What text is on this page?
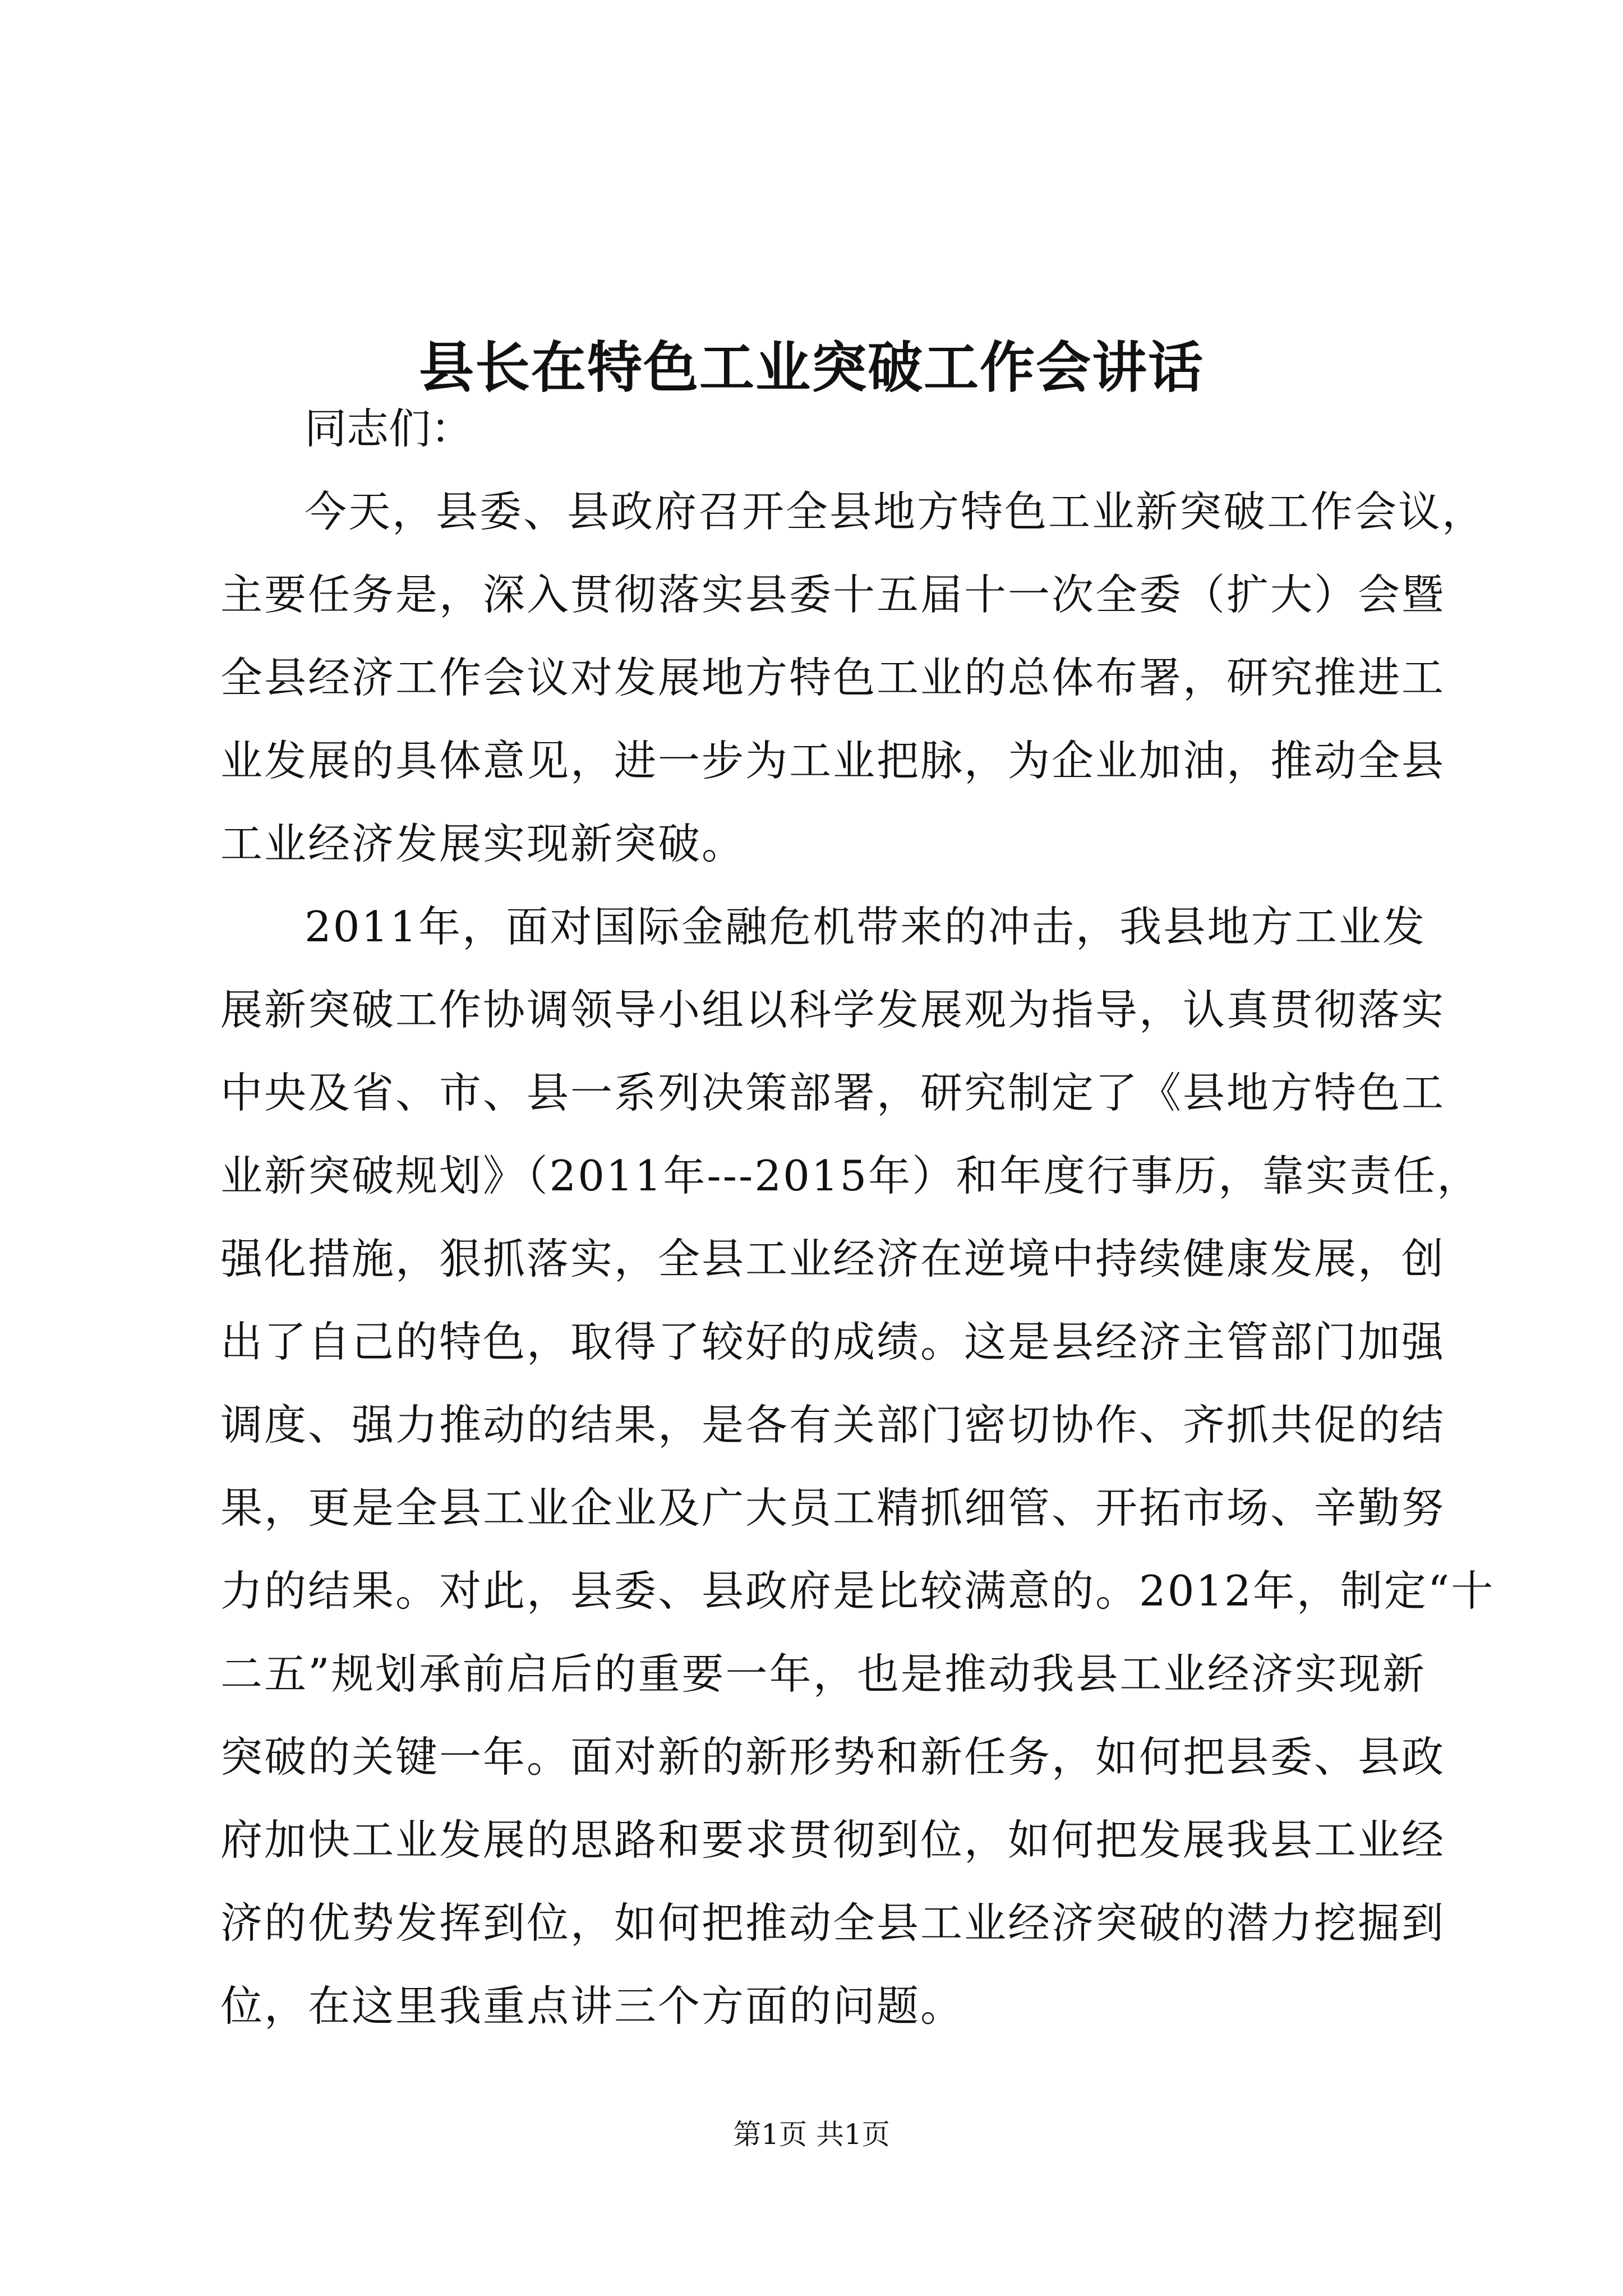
县长在特色工业突破工作会讲话

同志们：

今天，县委、县政府召开全县地方特色工业新突破工作会议，
主要任务是，深入贯彻落实县委十五届十一次全委（扩大）会暨
全县经济工作会议对发展地方特色工业的总体布署，研究推进工
业发展的具体意见，进一步为工业把脉，为企业加油，推动全县
工业经济发展实现新突破。

2011年，面对国际金融危机带来的冲击，我县地方工业发
展新突破工作协调领导小组以科学发展观为指导，认真贯彻落实
中央及省、市、县一系列决策部署，研究制定了《县地方特色工
业新突破规划》（2011年---2015年）和年度行事历，靠实责任，
强化措施，狠抓落实，全县工业经济在逆境中持续健康发展，创
出了自己的特色，取得了较好的成绩。这是县经济主管部门加强
调度、强力推动的结果，是各有关部门密切协作、齐抓共促的结
果，更是全县工业企业及广大员工精抓细管、开拓市场、辛勤努
力的结果。对此，县委、县政府是比较满意的。2012年，制定“十
二五”规划承前启后的重要一年，也是推动我县工业经济实现新
突破的关键一年。面对新的新形势和新任务，如何把县委、县政
府加快工业发展的思路和要求贯彻到位，如何把发展我县工业经
济的优势发挥到位，如何把推动全县工业经济突破的潜力挖掘到
位，在这里我重点讲三个方面的问题。

第1页 共1页
